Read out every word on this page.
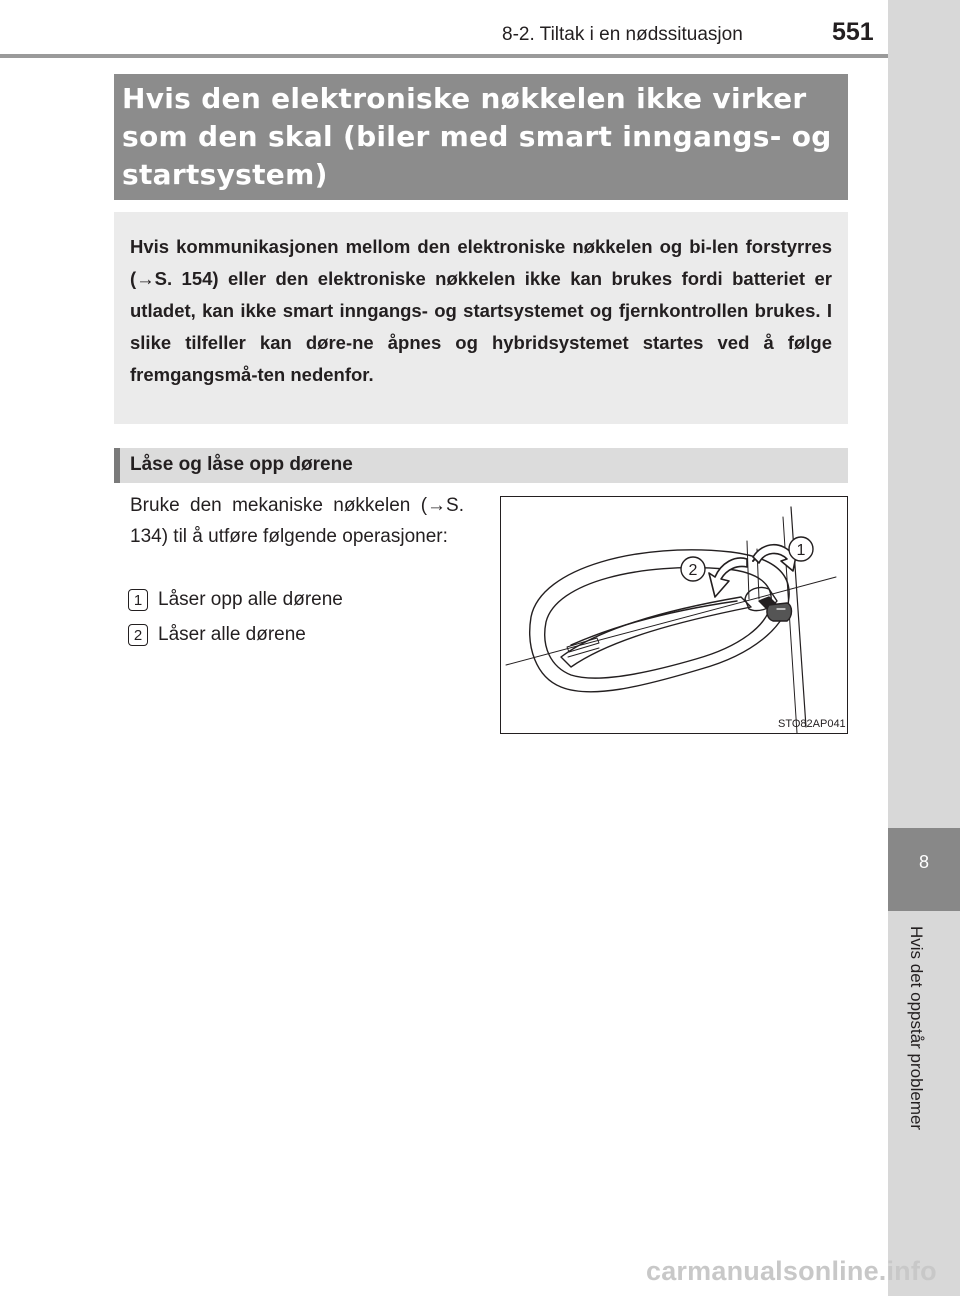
8-2. Tiltak i en nødssituasjon	551
8
Hvis det oppstår problemer
Hvis den elektroniske nøkkelen ikke virker som den skal (biler med smart inngangs- og startsystem)
Hvis kommunikasjonen mellom den elektroniske nøkkelen og bi-len forstyrres (→S. 154) eller den elektroniske nøkkelen ikke kan brukes fordi batteriet er utladet, kan ikke smart inngangs- og startsystemet og fjernkontrollen brukes. I slike tilfeller kan døre-ne åpnes og hybridsystemet startes ved å følge fremgangsmå-ten nedenfor.
Låse og låse opp dørene
Bruke den mekaniske nøkkelen (→S. 134) til å utføre følgende operasjoner:
1 Låser opp alle dørene
2 Låser alle dørene
1
2
STO82AP041
carmanualsonline.info
